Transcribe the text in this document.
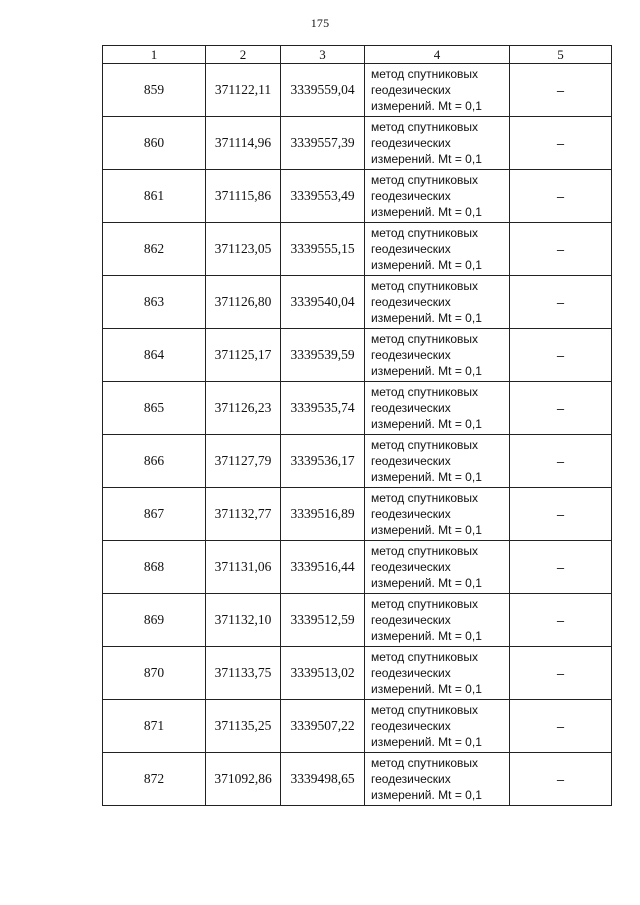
175
1	2	3	4	5
859	371122,11	3339559,04	метод спутниковых
геодезических
измерений. Mt = 0,1	–
860	371114,96	3339557,39	метод спутниковых
геодезических
измерений. Mt = 0,1	–
861	371115,86	3339553,49	метод спутниковых
геодезических
измерений. Mt = 0,1	–
862	371123,05	3339555,15	метод спутниковых
геодезических
измерений. Mt = 0,1	–
863	371126,80	3339540,04	метод спутниковых
геодезических
измерений. Mt = 0,1	–
864	371125,17	3339539,59	метод спутниковых
геодезических
измерений. Mt = 0,1	–
865	371126,23	3339535,74	метод спутниковых
геодезических
измерений. Mt = 0,1	–
866	371127,79	3339536,17	метод спутниковых
геодезических
измерений. Mt = 0,1	–
867	371132,77	3339516,89	метод спутниковых
геодезических
измерений. Mt = 0,1	–
868	371131,06	3339516,44	метод спутниковых
геодезических
измерений. Mt = 0,1	–
869	371132,10	3339512,59	метод спутниковых
геодезических
измерений. Mt = 0,1	–
870	371133,75	3339513,02	метод спутниковых
геодезических
измерений. Mt = 0,1	–
871	371135,25	3339507,22	метод спутниковых
геодезических
измерений. Mt = 0,1	–
872	371092,86	3339498,65	метод спутниковых
геодезических
измерений. Mt = 0,1	–
